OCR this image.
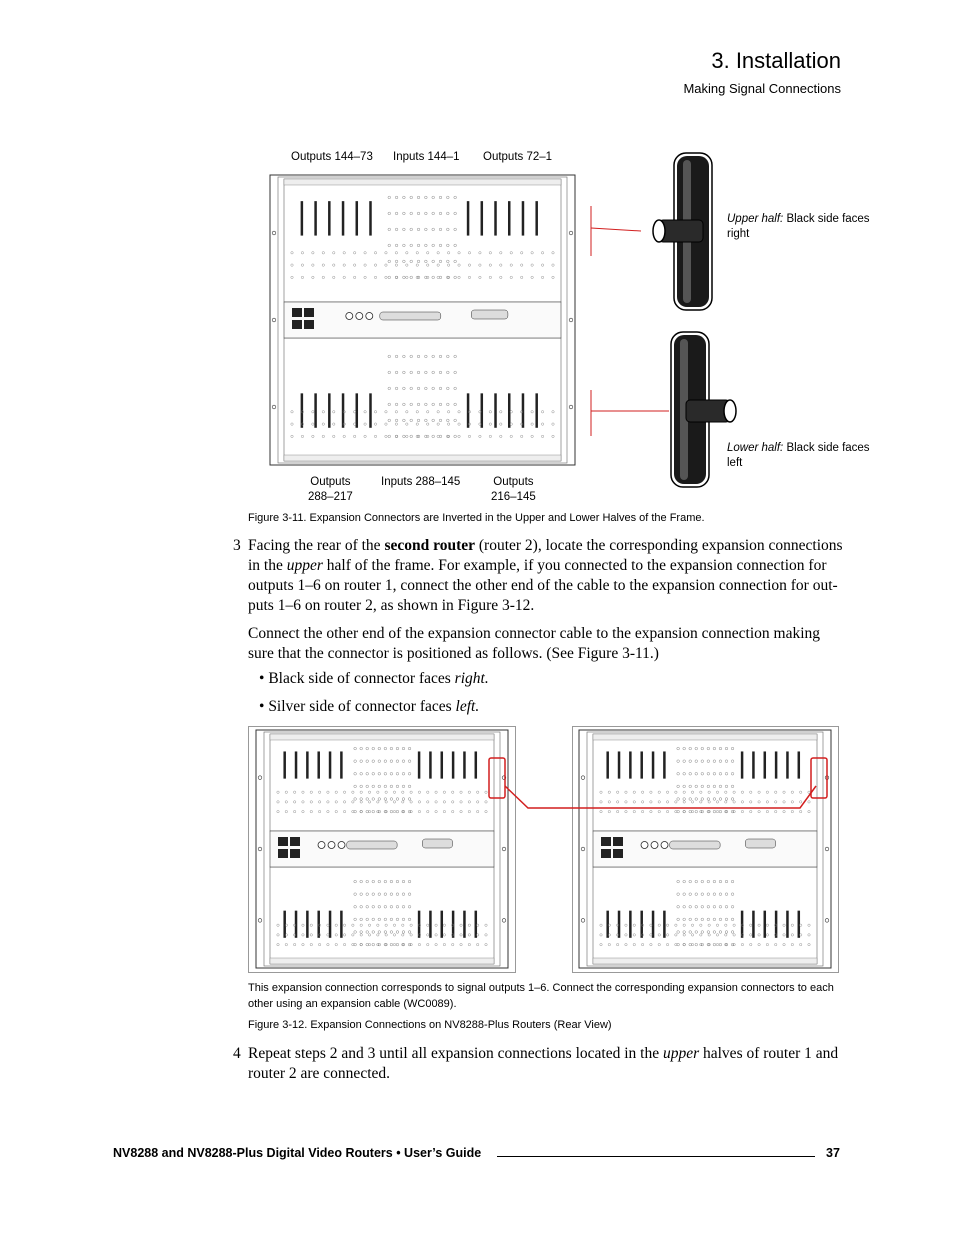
3. Installation
Making Signal Connections
Outputs 144–73 Inputs 144–1 Outputs 72–1
Upper half: Black side faces
right
Lower half: Black side faces
left
Outputs
288–217
Inputs 288–145	Outputs
216–145
Figure 3-11. Expansion Connectors are Inverted in the Upper and Lower Halves of the Frame.
3 Facing the rear of the second router (router 2), locate the corresponding expansion connections
in the upper half of the frame. For example, if you connected to the expansion connection for
outputs 1–6 on router 1, connect the other end of the cable to the expansion connection for out-
puts 1–6 on router 2, as shown in Figure 3-12.
Connect the other end of the expansion connector cable to the expansion connection making
sure that the connector is positioned as follows. (See Figure 3-11.)
• Black side of connector faces right.
• Silver side of connector faces left.
This expansion connection corresponds to signal outputs 1–6. Connect the corresponding expansion connectors to each
other using an expansion cable (WC0089).
Figure 3-12. Expansion Connections on NV8288-Plus Routers (Rear View)
4 Repeat steps 2 and 3 until all expansion connections located in the upper halves of router 1 and
router 2 are connected.
NV8288 and NV8288-Plus Digital Video Routers • User’s Guide	37
